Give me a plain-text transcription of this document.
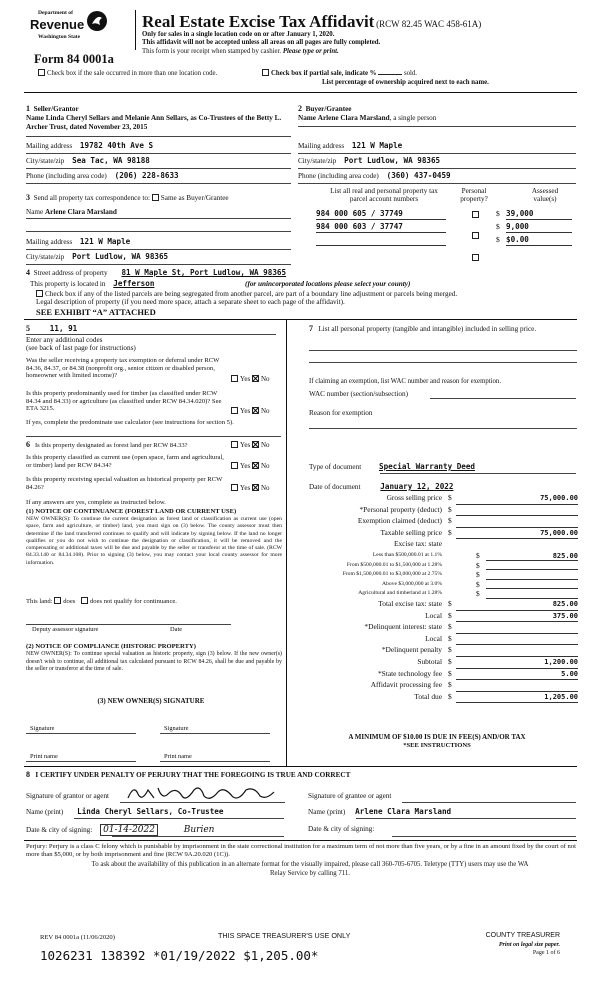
Department of
Revenue
Washington State
Form 84 0001a
Real Estate Excise Tax Affidavit (RCW 82.45 WAC 458-61A)
Only for sales in a single location code on or after January 1, 2020.
This affidavit will not be accepted unless all areas on all pages are fully completed.
This form is your receipt when stamped by cashier. Please type or print.
Check box if the sale occurred in more than one location code.	Check box if partial sale, indicate %	sold.
List percentage of ownership acquired next to each name.
1 Seller/Grantor
Name Linda Cheryl Sellars and Melanie Ann Sellars, as Co-Trustees of the Betty L. Archer Trust, dated November 23, 2015
Mailing address 19782 40th Ave S
City/state/zip Sea Tac, WA 98188
Phone (including area code) (206) 228-8633
2 Buyer/Grantee
Name Arlene Clara Marsland, a single person
Mailing address 121 W Maple
City/state/zip Port Ludlow, WA 98365
Phone (including area code) (360) 437-0459
3 Send all property tax correspondence to: Same as Buyer/Grantee
Name Arlene Clara Marsland
Mailing address 121 W Maple
City/state/zip Port Ludlow, WA 98365
List all real and personal property tax parcel account numbers
Personal property?
Assessed value(s)
984 000 605 / 37749	$ 39,000
984 000 603 / 37747	$ 9,000
$ $0.00
4 Street address of property 81 W Maple St, Port Ludlow, WA 98365
This property is located in Jefferson	(for unincorporated locations please select your county)
Check box if any of the listed parcels are being segregated from another parcel, are part of a boundary line adjustment or parcels being merged.
Legal description of property (if you need more space, attach a separate sheet to each page of the affidavit).
SEE EXHIBIT “A” ATTACHED
5	11, 91
Enter any additional codes
(see back of last page for instructions)
Was the seller receiving a property tax exemption or deferral under RCW 84.36, 84.37, or 84.38 (nonprofit org., senior citizen or disabled person, homeowner with limited income)?	Yes No
Is this property predominantly used for timber (as classified under RCW 84.34 and 84.33) or agriculture (as classified under RCW 84.34.020)? See ETA 3215.	Yes No
If yes, complete the predominate use calculator (see instructions for section 5).
6 Is this property designated as forest land per RCW 84.33?	Yes No
Is this property classified as current use (open space, farm and agricultural, or timber) land per RCW 84.34?	Yes No
Is this property receiving special valuation as historical property per RCW 84.26?	Yes No
If any answers are yes, complete as instructed below.
(1) NOTICE OF CONTINUANCE (FOREST LAND OR CURRENT USE)
NEW OWNER(S): To continue the current designation as forest land or classification as current use (open space, farm and agriculture, or timber) land, you must sign on (3) below. The county assessor must then determine if the land transferred continues to qualify and will indicate by signing below. If the land no longer qualifies or you do not wish to continue the designation or classification, it will be removed and the compensating or additional taxes will be due and payable by the seller or transferor at the time of sale. (RCW 84.33.140 or 84.34.108). Prior to signing (3) below, you may contact your local county assessor for more information.
This land: does does not qualify for continuance.
Deputy assessor signature	Date
(2) NOTICE OF COMPLIANCE (HISTORIC PROPERTY)
NEW OWNER(S): To continue special valuation as historic property, sign (3) below. If the new owner(s) doesn't wish to continue, all additional tax calculated pursuant to RCW 84.26, shall be due and payable by the seller or transferor at the time of sale.
(3) NEW OWNER(S) SIGNATURE
Signature	Signature
Print name	Print name
7 List all personal property (tangible and intangible) included in selling price.
If claiming an exemption, list WAC number and reason for exemption.
WAC number (section/subsection)
Reason for exemption
Type of document Special Warranty Deed
Date of document	January 12, 2022
Gross selling price $	75,000.00
*Personal property (deduct) $
Exemption claimed (deduct) $
Taxable selling price $	75,000.00
Excise tax: state
Less than $500,000.01 at 1.1%	$	825.00
From $500,000.01 to $1,500,000 at 1.28%	$
From $1,500,000.01 to $3,000,000 at 2.75%	$
Above $3,000,000 at 3.0%	$
Agricultural and timberland at 1.28%	$
Total excise tax: state $	825.00
Local $	375.00
*Delinquent interest: state $
Local $
*Delinquent penalty $
Subtotal $	1,200.00
*State technology fee $	5.00
Affidavit processing fee $
Total due $	1,205.00
A MINIMUM OF $10.00 IS DUE IN FEE(S) AND/OR TAX
*SEE INSTRUCTIONS
8 I CERTIFY UNDER PENALTY OF PERJURY THAT THE FOREGOING IS TRUE AND CORRECT
Signature of grantor or agent	Signature of grantee or agent
Name (print) Linda Cheryl Sellars, Co-Trustee	Name (print) Arlene Clara Marsland
Date & city of signing: 01-14-2022	Burien	Date & city of signing:
Perjury: Perjury is a class C felony which is punishable by imprisonment in the state correctional institution for a maximum term of not more than five years, or by a fine in an amount fixed by the court of not more than $5,000, or by both imprisonment and fine (RCW 9A.20.020 (1C)).
To ask about the availability of this publication in an alternate format for the visually impaired, please call 360-705-6705. Teletype (TTY) users may use the WA Relay Service by calling 711.
REV 84 0001a (11/06/2020)	THIS SPACE TREASURER'S USE ONLY	COUNTY TREASURER
Print on legal size paper.
Page 1 of 6
1026231 138392 *01/19/2022 $1,205.00*
